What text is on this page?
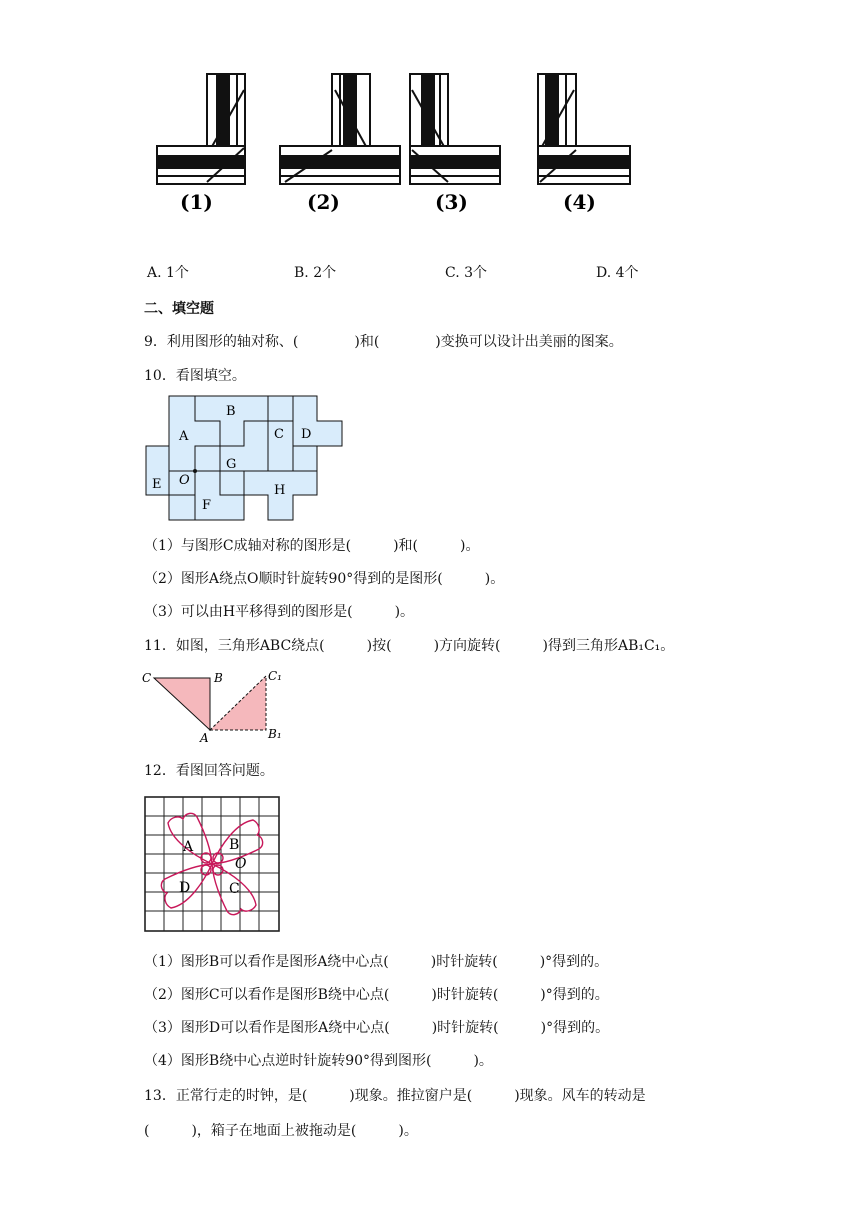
(1)	(2)	(3)	(4)
A. 1个	B. 2个	C. 3个	D. 4个
二、填空题
9．利用图形的轴对称、(　　　　)和(　　　　)变换可以设计出美丽的图案。
10．看图填空。
A
B
C D
E
F
G
H
O
（1）与图形C成轴对称的图形是(　　　)和(　　　)。
（2）图形A绕点O顺时针旋转90°得到的是图形(　　　)。
（3）可以由H平移得到的图形是(　　　)。
11．如图，三角形ABC绕点(　　　)按(　　　)方向旋转(　　　)得到三角形AB₁C₁。
C	B
A
C₁
B₁
12．看图回答问题。
A	B
O
D	C
（1）图形B可以看作是图形A绕中心点(　　　)时针旋转(　　　)°得到的。
（2）图形C可以看作是图形B绕中心点(　　　)时针旋转(　　　)°得到的。
（3）图形D可以看作是图形A绕中心点(　　　)时针旋转(　　　)°得到的。
（4）图形B绕中心点逆时针旋转90°得到图形(　　　)。
13．正常行走的时钟，是(　　　)现象。推拉窗户是(　　　)现象。风车的转动是
(　　　)，箱子在地面上被拖动是(　　　)。
